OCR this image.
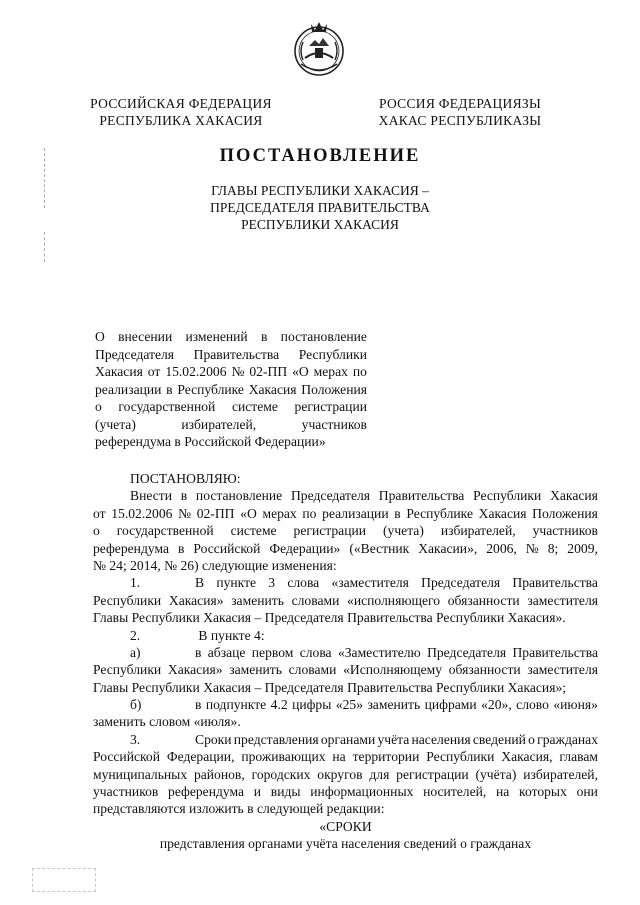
РОССИЙСКАЯ ФЕДЕРАЦИЯ
РЕСПУБЛИКА ХАКАСИЯ
РОССИЯ ФЕДЕРАЦИЯЗЫ
ХАКАС РЕСПУБЛИКАЗЫ
ПОСТАНОВЛЕНИЕ
ГЛАВЫ РЕСПУБЛИКИ ХАКАСИЯ –
ПРЕДСЕДАТЕЛЯ ПРАВИТЕЛЬСТВА
РЕСПУБЛИКИ ХАКАСИЯ
О внесении изменений в постановление
Председателя Правительства Республики
Хакасия от 15.02.2006 № 02-ПП «О мерах по
реализации в Республике Хакасия Положения
о государственной системе регистрации
(учета)	избирателей,	участников
референдума в Российской Федерации»
ПОСТАНОВЛЯЮ:
Внести в постановление Председателя Правительства Республики Хакасия
от 15.02.2006 № 02-ПП «О мерах по реализации в Республике Хакасия Положения
о государственной системе регистрации (учета) избирателей, участников
референдума в Российской Федерации» («Вестник Хакасии», 2006, № 8; 2009,
№ 24; 2014, № 26) следующие изменения:
1.	В пункте 3 слова «заместителя Председателя Правительства
Республики Хакасия» заменить словами «исполняющего обязанности заместителя
Главы Республики Хакасия – Председателя Правительства Республики Хакасия».
2.	В пункте 4:
а)	в абзаце первом слова «Заместителю Председателя Правительства
Республики Хакасия» заменить словами «Исполняющему обязанности заместителя
Главы Республики Хакасия – Председателя Правительства Республики Хакасия»;
б)	в подпункте 4.2 цифры «25» заменить цифрами «20», слово «июня»
заменить словом «июля».
3.	Сроки представления органами учёта населения сведений о гражданах
Российской Федерации, проживающих на территории Республики Хакасия, главам
муниципальных районов, городских округов для регистрации (учёта) избирателей,
участников референдума и виды информационных носителей, на которых они
представляются изложить в следующей редакции:
«СРОКИ
представления органами учёта населения сведений о гражданах
